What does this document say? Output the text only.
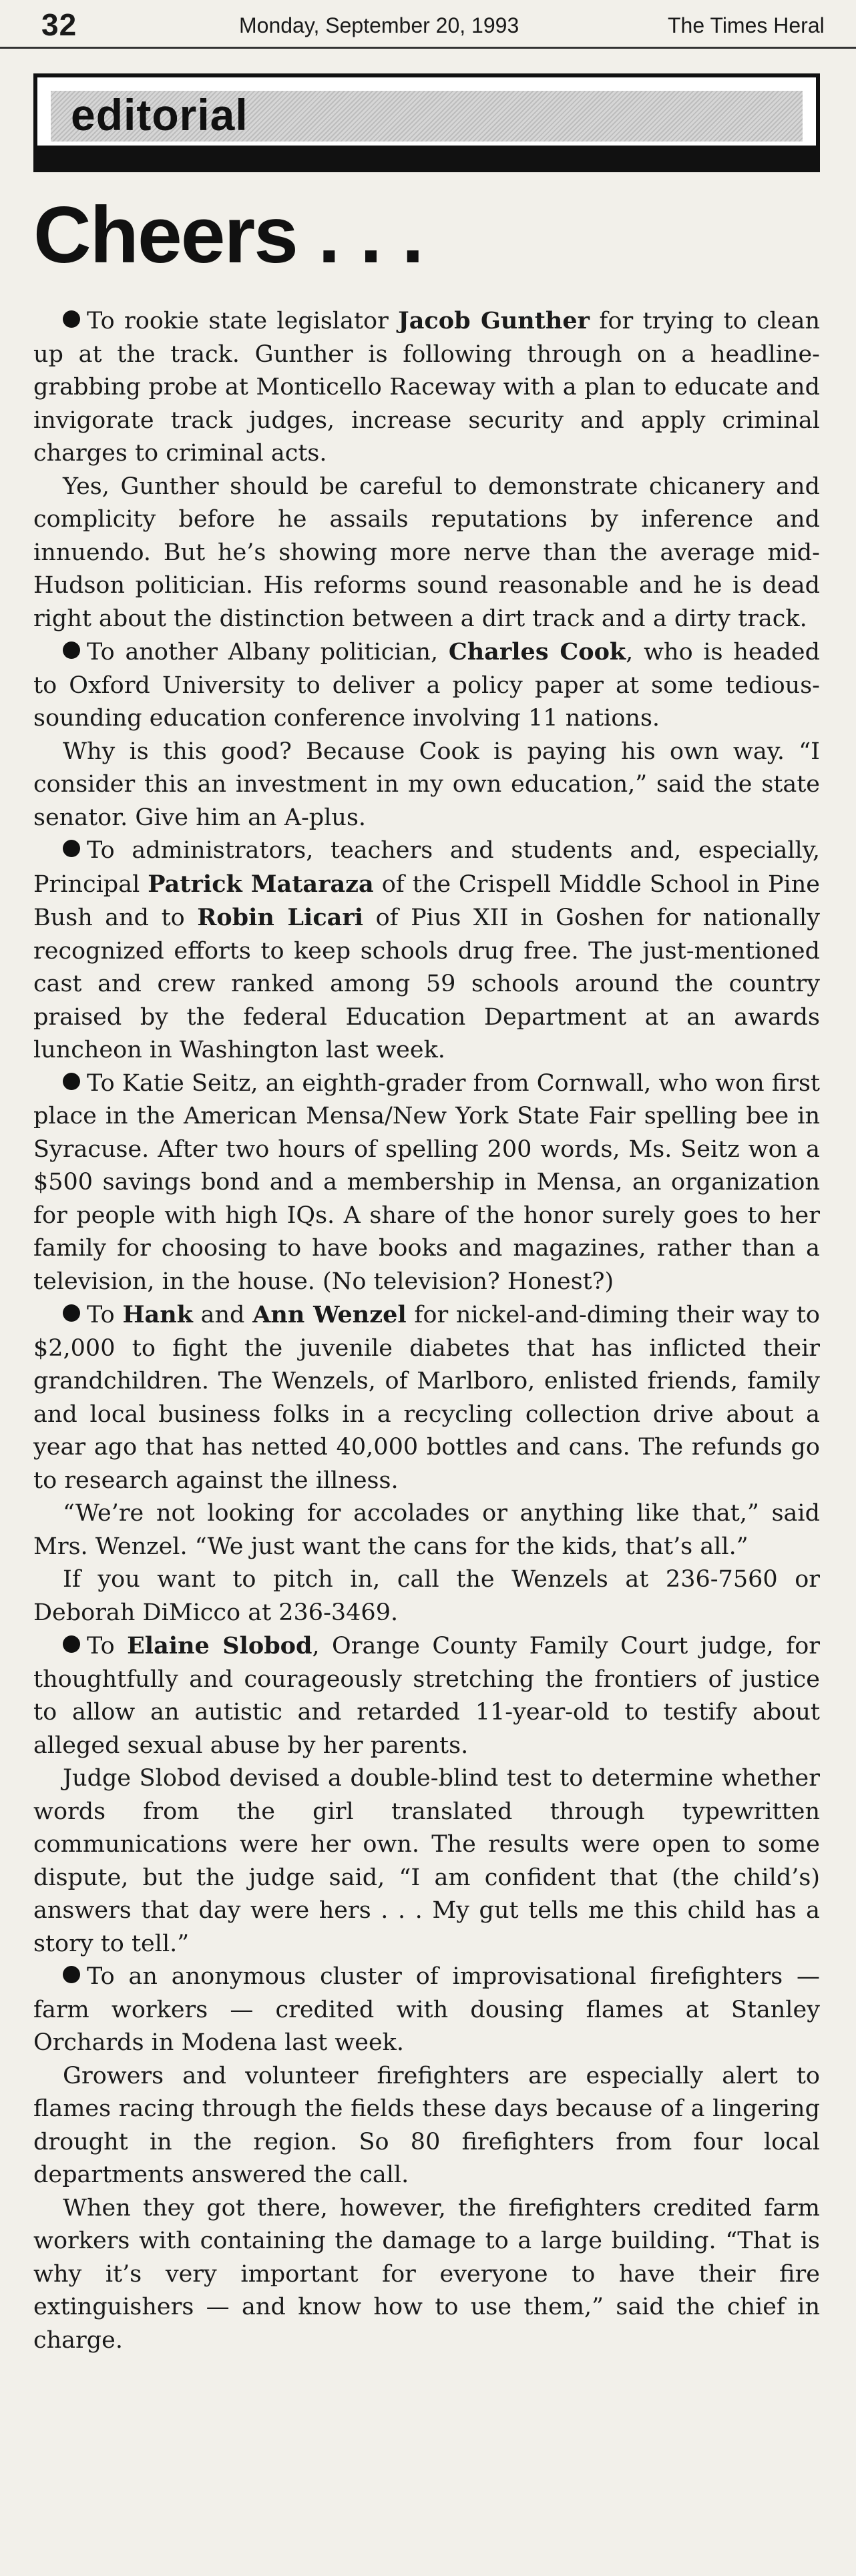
32	Monday, September 20, 1993	The Times Heral
editorial
Cheers . . .

To rookie state legislator Jacob Gunther for trying to clean up at the track. Gunther is following through on a headline-grabbing probe at Monticello Raceway with a plan to educate and invigorate track judges, increase security and apply criminal charges to criminal acts.

Yes, Gunther should be careful to demonstrate chicanery and complicity before he assails reputations by inference and innuendo. But he’s showing more nerve than the average mid-Hudson politician. His reforms sound reasonable and he is dead right about the distinction between a dirt track and a dirty track.

To another Albany politician, Charles Cook, who is headed to Oxford University to deliver a policy paper at some tedious-sounding education conference involving 11 nations.

Why is this good? Because Cook is paying his own way. “I consider this an investment in my own education,” said the state senator. Give him an A-plus.

To administrators, teachers and students and, especially, Principal Patrick Mataraza of the Crispell Middle School in Pine Bush and to Robin Licari of Pius XII in Goshen for nationally recognized efforts to keep schools drug free. The just-mentioned cast and crew ranked among 59 schools around the country praised by the federal Education Department at an awards luncheon in Washington last week.

To Katie Seitz, an eighth-grader from Cornwall, who won first place in the American Mensa/New York State Fair spelling bee in Syracuse. After two hours of spelling 200 words, Ms. Seitz won a $500 savings bond and a membership in Mensa, an organization for people with high IQs. A share of the honor surely goes to her family for choosing to have books and magazines, rather than a television, in the house. (No television? Honest?)

To Hank and Ann Wenzel for nickel-and-diming their way to $2,000 to fight the juvenile diabetes that has inflicted their grandchildren. The Wenzels, of Marlboro, enlisted friends, family and local business folks in a recycling collection drive about a year ago that has netted 40,000 bottles and cans. The refunds go to research against the illness.

“We’re not looking for accolades or anything like that,” said Mrs. Wenzel. “We just want the cans for the kids, that’s all.”

If you want to pitch in, call the Wenzels at 236-7560 or Deborah DiMicco at 236-3469.

To Elaine Slobod, Orange County Family Court judge, for thoughtfully and courageously stretching the frontiers of justice to allow an autistic and retarded 11-year-old to testify about alleged sexual abuse by her parents.

Judge Slobod devised a double-blind test to determine whether words from the girl translated through typewritten communications were her own. The results were open to some dispute, but the judge said, “I am confident that (the child’s) answers that day were hers . . . My gut tells me this child has a story to tell.”

To an anonymous cluster of improvisational firefighters — farm workers — credited with dousing flames at Stanley Orchards in Modena last week.

Growers and volunteer firefighters are especially alert to flames racing through the fields these days because of a lingering drought in the region. So 80 firefighters from four local departments answered the call.

When they got there, however, the firefighters credited farm workers with containing the damage to a large building. “That is why it’s very important for everyone to have their fire extinguishers — and know how to use them,” said the chief in charge.
